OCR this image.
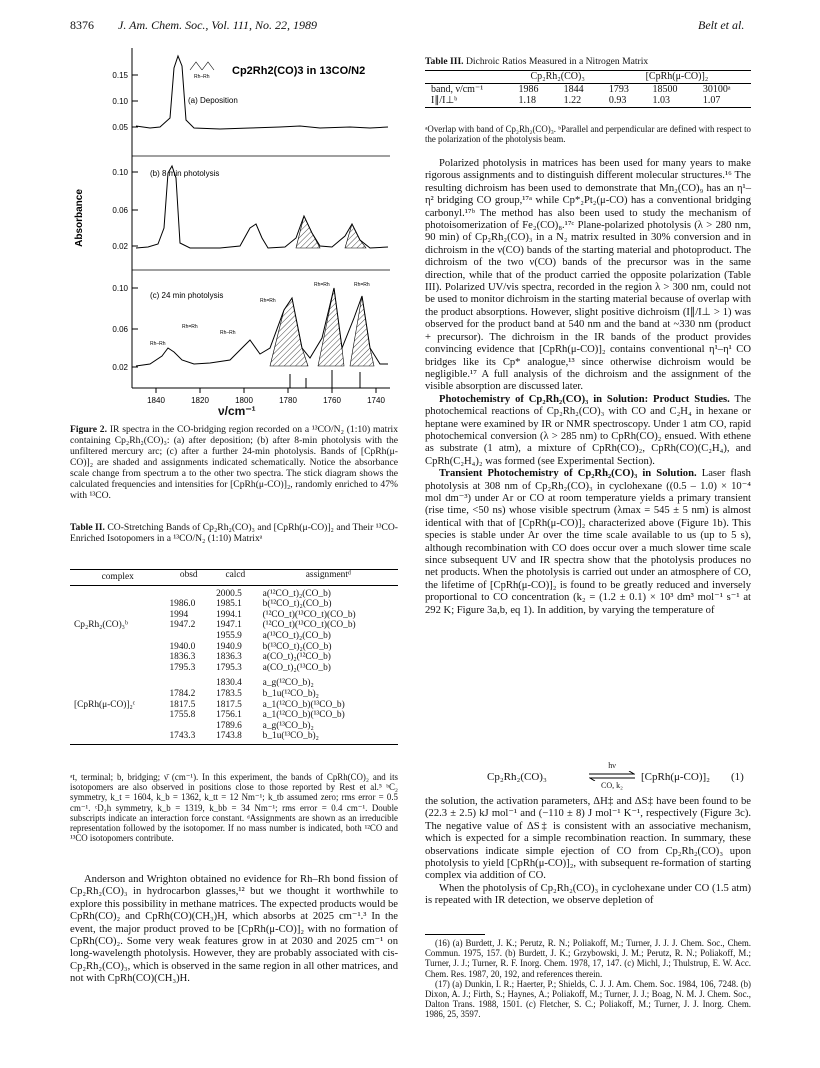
8376 J. Am. Chem. Soc., Vol. 111, No. 22, 1989	Belt et al.
0.15
0.10
0.05
0.10
0.06
0.02
0.10
0.06
0.02
Absorbance
Cp2Rh2(CO)3 in 13CO/N2
(a) Deposition
(b) 8 min photolysis
(c) 24 min photolysis
Rh–Rh
Rh–Rh
Rh=Rh
Rh–Rh
Rh=Rh
Rh=Rh	Rh=Rh
1840	1820	1800	1780	1760	1740
ν/cm⁻¹
Figure 2. IR spectra in the CO-bridging region recorded on a ¹³CO/N₂ (1:10) matrix containing Cp₂Rh₂(CO)₃: (a) after deposition; (b) after 8-min photolysis with the unfiltered mercury arc; (c) after a further 24-min photolysis. Bands of [CpRh(μ-CO)]₂ are shaded and assignments indicated schematically. Notice the absorbance scale change from spectrum a to the other two spectra. The stick diagram shows the calculated frequencies and intensities for [CpRh(μ-CO)]₂, randomly enriched to 47% with ¹³CO.
Table II. CO-Stretching Bands of Cp₂Rh₂(CO)₃ and [CpRh(μ-CO)]₂ and Their ¹³CO-Enriched Isotopomers in a ¹³CO/N₂ (1:10) Matrixᵃ
complex	obsd	calcd	assignmentᵈ
		2000.5	a(¹²CO_t)₂(CO_b)
	1986.0	1985.1	b(¹²CO_t)₂(CO_b)
	1994	1994.1	(¹²CO_t)(¹³CO_t)(CO_b)
Cp₂Rh₂(CO)₃ᵇ	1947.2	1947.1	(¹²CO_t)(¹³CO_t)(CO_b)
		1955.9	a(¹³CO_t)₂(CO_b)
	1940.0	1940.9	b(¹³CO_t)₂(CO_b)
	1836.3	1836.3	a(CO_t)₂(¹²CO_b)
	1795.3	1795.3	a(CO_t)₂(¹³CO_b)
		1830.4	a_g(¹²CO_b)₂
	1784.2	1783.5	b_1u(¹²CO_b)₂
[CpRh(μ-CO)]₂ᶜ	1817.5	1817.5	a_1(¹²CO_b)(¹³CO_b)
	1755.8	1756.1	a_1(¹²CO_b)(¹³CO_b)
		1789.6	a_g(¹³CO_b)₂
	1743.3	1743.8	b_1u(¹³CO_b)₂
ᵃt, terminal; b, bridging; ν̄ (cm⁻¹). In this experiment, the bands of CpRh(CO)₂ and its isotopomers are also observed in positions close to those reported by Rest et al.⁵ ᵇC₂ symmetry, k_t = 1604, k_b = 1362, k_tt = 12 Nm⁻¹; k_tb assumed zero; rms error = 0.5 cm⁻¹. ᶜD₂h symmetry, k_b = 1319, k_bb = 34 Nm⁻¹; rms error = 0.4 cm⁻¹. Double subscripts indicate an interaction force constant. ᵈAssignments are shown as an irreducible representation followed by the isotopomer. If no mass number is indicated, both ¹²CO and ¹³CO isotopomers contribute.

Anderson and Wrighton obtained no evidence for Rh–Rh bond fission of Cp₂Rh₂(CO)₃ in hydrocarbon glasses,¹² but we thought it worthwhile to explore this possibility in methane matrices. The expected products would be CpRh(CO)₂ and CpRh(CO)(CH₃)H, which absorbs at 2025 cm⁻¹.³ In the event, the major product proved to be [CpRh(μ-CO)]₂ with no formation of CpRh(CO)₂. Some very weak features grow in at 2030 and 2025 cm⁻¹ on long-wavelength photolysis. However, they are probably associated with cis-Cp₂Rh₂(CO)₃, which is observed in the same region in all other matrices, and not with CpRh(CO)(CH₃)H.

Table III. Dichroic Ratios Measured in a Nitrogen Matrix
	Cp₂Rh₂(CO)₃		[CpRh(μ-CO)]₂		
band, ν/cm⁻¹	1986	1844	1793	18500	30100ᵃ
I∥/I⊥ᵇ	1.18	1.22	0.93	1.03	1.07
ᵃOverlap with band of Cp₂Rh₂(CO)₃. ᵇParallel and perpendicular are defined with respect to the polarization of the photolysis beam.

Polarized photolysis in matrices has been used for many years to make rigorous assignments and to distinguish different molecular structures.¹⁶ The resulting dichroism has been used to demonstrate that Mn₂(CO)₉ has an η¹–η² bridging CO group,¹⁷ᵃ while Cp*₂Pt₂(μ-CO) has a conventional bridging carbonyl.¹⁷ᵇ The method has also been used to study the mechanism of photoisomerization of Fe₂(CO)₈.¹⁷ᶜ Plane-polarized photolysis (λ > 280 nm, 90 min) of Cp₂Rh₂(CO)₃ in a N₂ matrix resulted in 30% conversion and in dichroism in the ν(CO) bands of the starting material and photoproduct. The dichroism of the two ν(CO) bands of the precursor was in the same direction, while that of the product carried the opposite polarization (Table III). Polarized UV/vis spectra, recorded in the region λ > 300 nm, could not be used to monitor dichroism in the starting material because of overlap with the product absorptions. However, slight positive dichroism (I∥/I⊥ > 1) was observed for the product band at 540 nm and the band at ~330 nm (product + precursor). The dichroism in the IR bands of the product provides convincing evidence that [CpRh(μ-CO)]₂ contains conventional η¹–η¹ CO bridges like its Cp* analogue,¹³ since otherwise dichroism would be negligible.¹⁷ A full analysis of the dichroism and the assignment of the visible absorption are discussed later.

Photochemistry of Cp₂Rh₂(CO)₃ in Solution: Product Studies. The photochemical reactions of Cp₂Rh₂(CO)₃ with CO and C₂H₄ in hexane or heptane were examined by IR or NMR spectroscopy. Under 1 atm CO, rapid photochemical conversion (λ > 285 nm) to CpRh(CO)₂ ensued. With ethene as substrate (1 atm), a mixture of CpRh(CO)₂, CpRh(CO)(C₂H₄), and CpRh(C₂H₄)₂ was formed (see Experimental Section).

Transient Photochemistry of Cp₂Rh₂(CO)₃ in Solution. Laser flash photolysis at 308 nm of Cp₂Rh₂(CO)₃ in cyclohexane ((0.5 – 1.0) × 10⁻⁴ mol dm⁻³) under Ar or CO at room temperature yields a primary transient (rise time, <50 ns) whose visible spectrum (λmax = 545 ± 5 nm) is almost identical with that of [CpRh(μ-CO)]₂ characterized above (Figure 1b). This species is stable under Ar over the time scale available to us (up to 5 s), although recombination with CO does occur over a much slower time scale since subsequent UV and IR spectra show that the photolysis produces no net products. When the photolysis is carried out under an atmosphere of CO, the lifetime of [CpRh(μ-CO)]₂ is found to be greatly reduced and inversely proportional to CO concentration (k₂ = (1.2 ± 0.1) × 10³ dm³ mol⁻¹ s⁻¹ at 292 K; Figure 3a,b, eq 1). In addition, by varying the temperature of

Cp₂Rh₂(CO)₃
hν
CO, k₂
[CpRh(μ-CO)]₂ (1)

the solution, the activation parameters, ΔH‡ and ΔS‡ have been found to be (22.3 ± 2.5) kJ mol⁻¹ and (−110 ± 8) J mol⁻¹ K⁻¹, respectively (Figure 3c). The negative value of ΔS‡ is consistent with an associative mechanism, which is expected for a simple recombination reaction. In summary, these observations indicate simple ejection of CO from Cp₂Rh₂(CO)₃ upon photolysis to yield [CpRh(μ-CO)]₂, with subsequent re-formation of starting complex via addition of CO.

When the photolysis of Cp₂Rh₂(CO)₃ in cyclohexane under CO (1.5 atm) is repeated with IR detection, we observe depletion of

(16) (a) Burdett, J. K.; Perutz, R. N.; Poliakoff, M.; Turner, J. J. J. Chem. Soc., Chem. Commun. 1975, 157. (b) Burdett, J. K.; Grzybowski, J. M.; Perutz, R. N.; Poliakoff, M.; Turner, J. J.; Turner, R. F. Inorg. Chem. 1978, 17, 147. (c) Michl, J.; Thulstrup, E. W. Acc. Chem. Res. 1987, 20, 192, and references therein.

(17) (a) Dunkin, I. R.; Haerter, P.; Shields, C. J. J. Am. Chem. Soc. 1984, 106, 7248. (b) Dixon, A. J.; Firth, S.; Haynes, A.; Poliakoff, M.; Turner, J. J.; Boag, N. M. J. Chem. Soc., Dalton Trans. 1988, 1501. (c) Fletcher, S. C.; Poliakoff, M.; Turner, J. J. Inorg. Chem. 1986, 25, 3597.
